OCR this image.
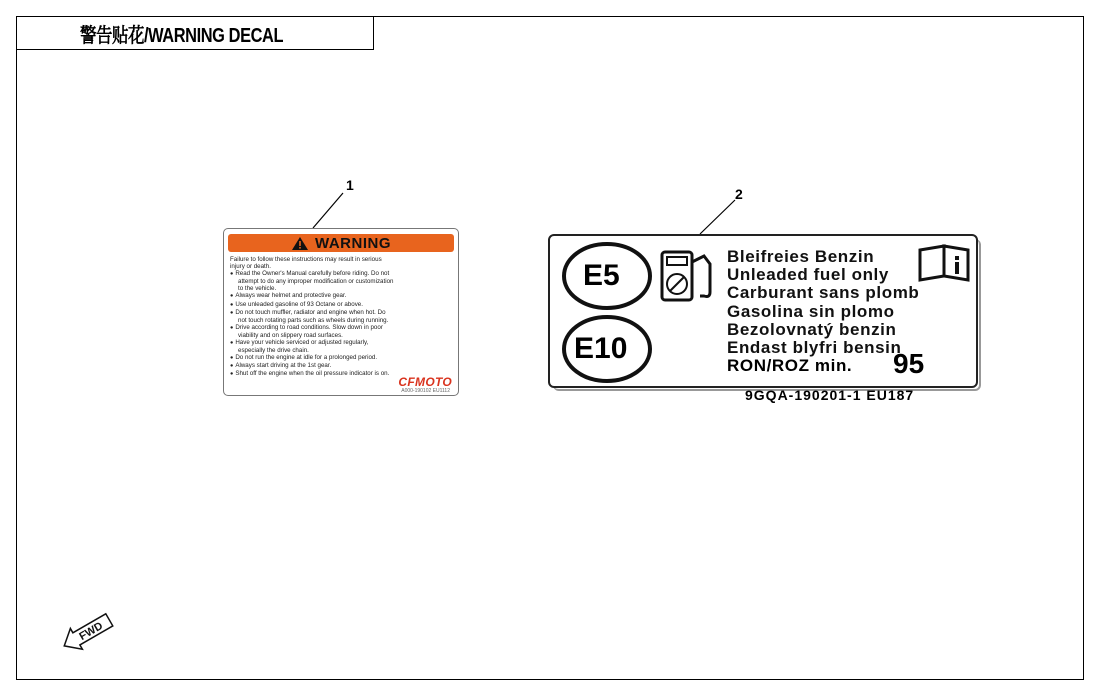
警告贴花/WARNING DECAL
1
2
WARNING
Failure to follow these instructions may result in serious
injury or death.
● Read the Owner's Manual carefully before riding. Do not
attempt to do any improper modification or customization
to the vehicle.
● Always wear helmet and protective gear.
● Use unleaded gasoline of 93 Octane or above.
● Do not touch muffler, radiator and engine when hot. Do
not touch rotating parts such as wheels during running.
● Drive according to road conditions. Slow down in poor
viability and on slippery road surfaces.
● Have your vehicle serviced or adjusted regularly,
especially the drive chain.
● Do not run the engine at idle for a prolonged period.
● Always start driving at the 1st gear.
● Shut off the engine when the oil pressure indicator is on.
CFMOTO
A000-190102 EU1112
E5
E10
Bleifreies Benzin
Unleaded fuel only
Carburant sans plomb
Gasolina sin plomo
Bezolovnatý benzin
Endast blyfri bensin
RON/ROZ min. 95
9GQA-190201-1 EU187
FWD
